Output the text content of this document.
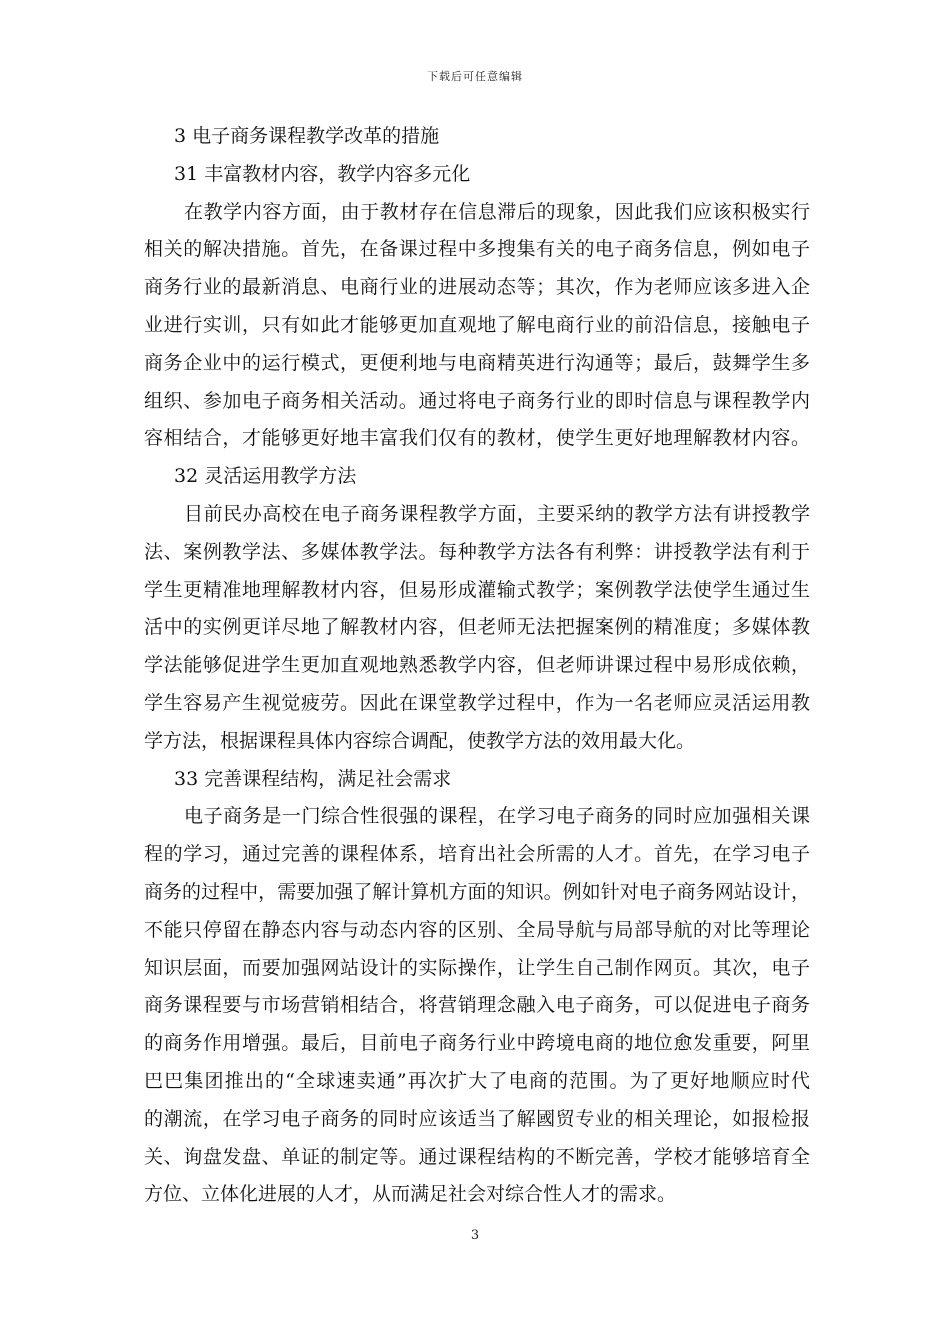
下载后可任意编辑
3 电子商务课程教学改革的措施
31 丰富教材内容，教学内容多元化
在教学内容方面，由于教材存在信息滞后的现象，因此我们应该积极实行
相关的解决措施。首先，在备课过程中多搜集有关的电子商务信息，例如电子
商务行业的最新消息、电商行业的进展动态等；其次，作为老师应该多进入企
业进行实训，只有如此才能够更加直观地了解电商行业的前沿信息，接触电子
商务企业中的运行模式，更便利地与电商精英进行沟通等；最后，鼓舞学生多
组织、参加电子商务相关活动。通过将电子商务行业的即时信息与课程教学内
容相结合，才能够更好地丰富我们仅有的教材，使学生更好地理解教材内容。
32 灵活运用教学方法
目前民办高校在电子商务课程教学方面，主要采纳的教学方法有讲授教学
法、案例教学法、多媒体教学法。每种教学方法各有利弊：讲授教学法有利于
学生更精准地理解教材内容，但易形成灌输式教学；案例教学法使学生通过生
活中的实例更详尽地了解教材内容，但老师无法把握案例的精准度；多媒体教
学法能够促进学生更加直观地熟悉教学内容，但老师讲课过程中易形成依赖，
学生容易产生视觉疲劳。因此在课堂教学过程中，作为一名老师应灵活运用教
学方法，根据课程具体内容综合调配，使教学方法的效用最大化。
33 完善课程结构，满足社会需求
电子商务是一门综合性很强的课程，在学习电子商务的同时应加强相关课
程的学习，通过完善的课程体系，培育出社会所需的人才。首先，在学习电子
商务的过程中，需要加强了解计算机方面的知识。例如针对电子商务网站设计，
不能只停留在静态内容与动态内容的区别、全局导航与局部导航的对比等理论
知识层面，而要加强网站设计的实际操作，让学生自己制作网页。其次，电子
商务课程要与市场营销相结合，将营销理念融入电子商务，可以促进电子商务
的商务作用增强。最后，目前电子商务行业中跨境电商的地位愈发重要，阿里
巴巴集团推出的“全球速卖通”再次扩大了电商的范围。为了更好地顺应时代
的潮流，在学习电子商务的同时应该适当了解國贸专业的相关理论，如报检报
关、询盘发盘、单证的制定等。通过课程结构的不断完善，学校才能够培育全
方位、立体化进展的人才，从而满足社会对综合性人才的需求。
3
